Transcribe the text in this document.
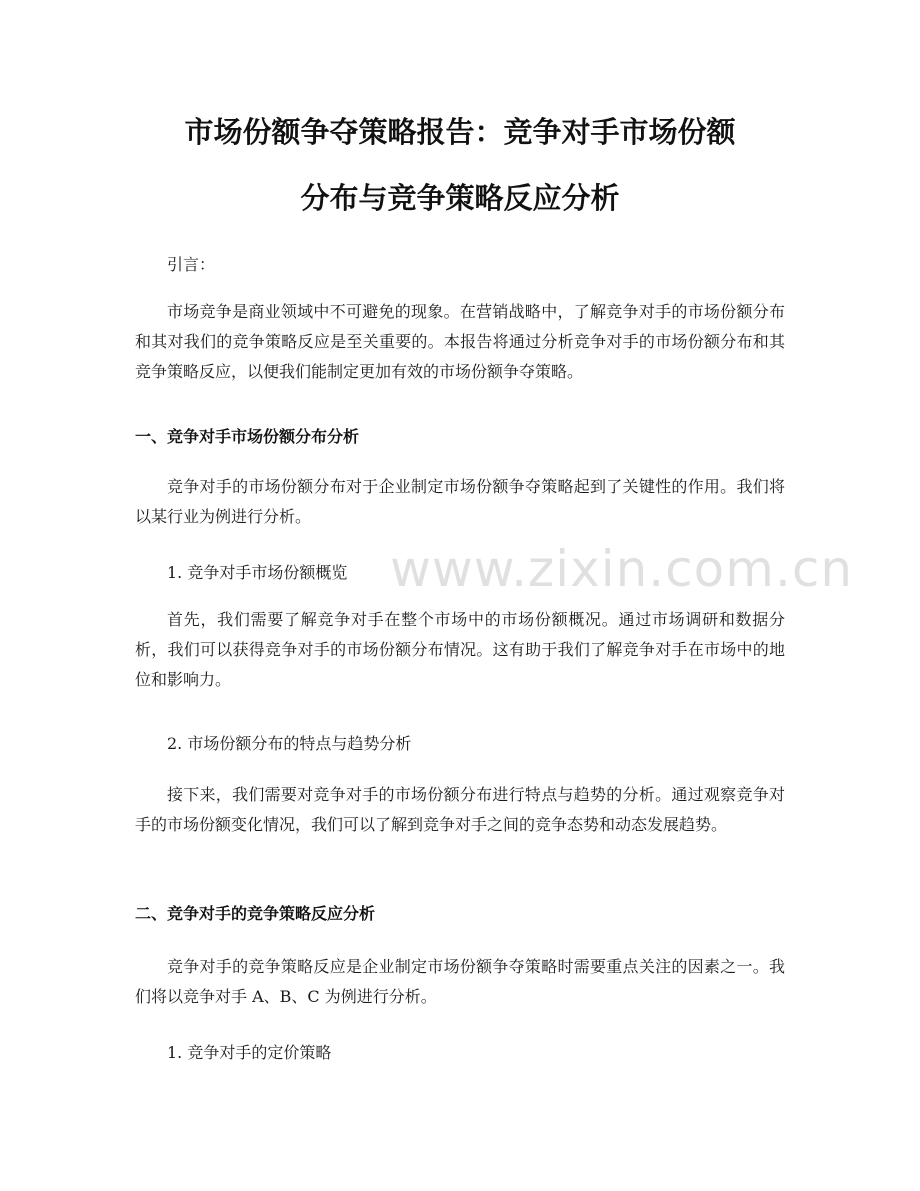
市场份额争夺策略报告：竞争对手市场份额
分布与竞争策略反应分析

引言：

市场竞争是商业领域中不可避免的现象。在营销战略中，了解竞争对手的市场份额分布和其对我们的竞争策略反应是至关重要的。本报告将通过分析竞争对手的市场份额分布和其竞争策略反应，以便我们能制定更加有效的市场份额争夺策略。

一、竞争对手市场份额分布分析

竞争对手的市场份额分布对于企业制定市场份额争夺策略起到了关键性的作用。我们将以某行业为例进行分析。

1. 竞争对手市场份额概览

首先，我们需要了解竞争对手在整个市场中的市场份额概况。通过市场调研和数据分析，我们可以获得竞争对手的市场份额分布情况。这有助于我们了解竞争对手在市场中的地位和影响力。

2. 市场份额分布的特点与趋势分析

接下来，我们需要对竞争对手的市场份额分布进行特点与趋势的分析。通过观察竞争对手的市场份额变化情况，我们可以了解到竞争对手之间的竞争态势和动态发展趋势。

二、竞争对手的竞争策略反应分析

竞争对手的竞争策略反应是企业制定市场份额争夺策略时需要重点关注的因素之一。我们将以竞争对手 A、B、C 为例进行分析。

1. 竞争对手的定价策略

www.zixin.com.cn
